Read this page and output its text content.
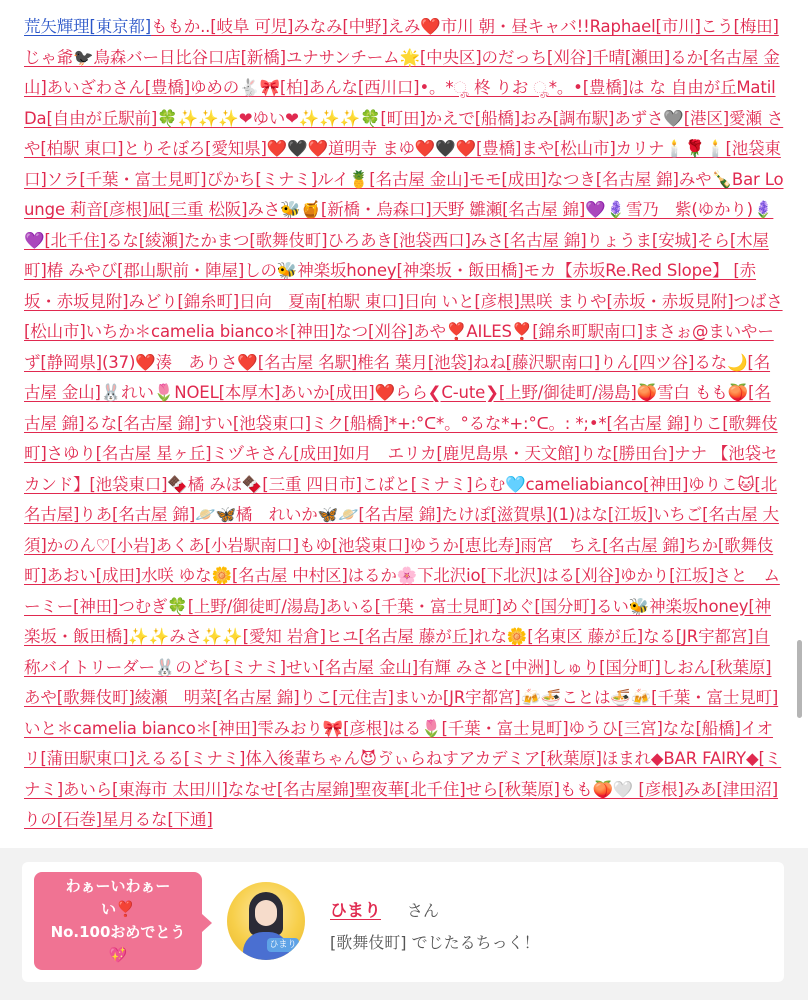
荒矢輝理[東京都]ももか..[岐阜 可児]みなみ[中野]えみ❤️市川 朝・昼キャバ!!Raphael[市川]こう[梅田]じゃ爺🐦‍⬛鳥森バー日比谷口店[新橋]ユナサンチーム🌟[中央区]のだっち[刈谷]千晴[瀬田]るか[名古屋 金山]あいざわさん[豊橋]ゆめの🐇🎀[柏]あんな[西川口]•。*ೄ 柊 りお ೄ*。•[豊橋]は な 自由が丘MatilDa[自由が丘駅前]🍀✨✨✨❤ゆい❤✨✨✨🍀[町田]かえで[船橋]おみ[調布駅]あずさ🩶[港区]愛瀬 さや[柏駅 東口]とりそぼろ[愛知県]❤️🖤❤️道明寺 まゆ❤️🖤❤️[豊橋]まや[松山市]カリナ🕯️🌹🕯️[池袋東口]ソラ[千葉・富士見町]ぴかち[ミナミ]ルイ🍍[名古屋 金山]モモ[成田]なつき[名古屋 錦]みや🍾Bar Lounge 莉音[彦根]凪[三重 松阪]みさ🐝🍯[新橋・烏森口]天野 雛瀬[名古屋 錦]💜🪻雪乃　紫(ゆかり)🪻💜[北千住]るな[綾瀬]たかまつ[歌舞伎町]ひろあき[池袋西口]みさ[名古屋 錦]りょうま[安城]そら[木屋町]椿 みやび[郡山駅前・陣屋]しの🐝神楽坂honey[神楽坂・飯田橋]モカ【赤坂Re.Red Slope】 [赤坂・赤坂見附]みどり[錦糸町]日向　夏南[柏駅 東口]日向 いと[彦根]黒咲 まりや[赤坂・赤坂見附]つばさ[松山市]いちか＊camelia bianco＊[神田]なつ[刈谷]あや❣️AILES❣️[錦糸町駅南口]まさぉ@まいやーず[静岡県](37)❤️湊　ありさ❤️[名古屋 名駅]椎名 葉月[池袋]ねね[藤沢駅南口]りん[四ツ谷]るな🌙[名古屋 金山]🐰れい🌷NOEL[本厚木]あいか[成田]❤️らら❮C-ute❯[上野/御徒町/湯島]🍑雪白 もも🍑[名古屋 錦]るな[名古屋 錦]すい[池袋東口]ミク[船橋]*+:°ᑕ*。°るな*+:°ᑕ。: *;•*[名古屋 錦]りこ[歌舞伎町]さゆり[名古屋 星ヶ丘]ミヅキさん[成田]如月　エリカ[鹿児島県・天文館]りな[勝田台]ナナ 【池袋セカンド】[池袋東口]🍫橘 みほ🍫[三重 四日市]こばと[ミナミ]らむ🩵cameliabianco[神田]ゆりこ🐱[北名古屋]りあ[名古屋 錦]🪐🦋橘　れいか🦋🪐[名古屋 錦]たけぽ[滋賀県](1)はな[江坂]いちご[名古屋 大須]かのん♡[小岩]あくあ[小岩駅南口]もゆ[池袋東口]ゆうか[恵比寿]雨宮　ちえ[名古屋 錦]ちか[歌舞伎町]あおい[成田]水咲 ゆな🌼[名古屋 中村区]はるか🌸下北沢io[下北沢]はる[刈谷]ゆかり[江坂]さと　ムーミー[神田]つむぎ🍀[上野/御徒町/湯島]あいる[千葉・富士見町]めぐ[国分町]るい🐝神楽坂honey[神楽坂・飯田橋]✨✨みさ✨✨[愛知 岩倉]ヒユ[名古屋 藤が丘]れな🌼[名東区 藤が丘]なる[JR宇都宮]自称バイトリーダー🐰のどち[ミナミ]せい[名古屋 金山]有輝 みさと[中洲]しゅり[国分町]しおん[秋葉原]あや[歌舞伎町]綾瀬　明菜[名古屋 錦]りこ[元住吉]まいか[JR宇都宮]🍻🍜ことは🍜🍻[千葉・富士見町]いと＊camelia bianco＊[神田]雫みおり🎀[彦根]はる🌷[千葉・富士見町]ゆうひ[三宮]なな[船橋]イオリ[蒲田駅東口]えるる[ミナミ]体入後輩ちゃん😈ゔぃらねすアカデミア[秋葉原]ほまれ◆BAR FAIRY◆[ミナミ]あいら[東海市 太田川]ななせ[名古屋錦]聖夜華[北千住]せら[秋葉原]もも🍑🤍 [彦根]みあ[津田沼]りの[石巻]星月るな[下通]
わぁーいわぁー
い❣️
No.100おめでとう
💖
ひまり
ひまり さん
[歌舞伎町] でじたるちっく！
